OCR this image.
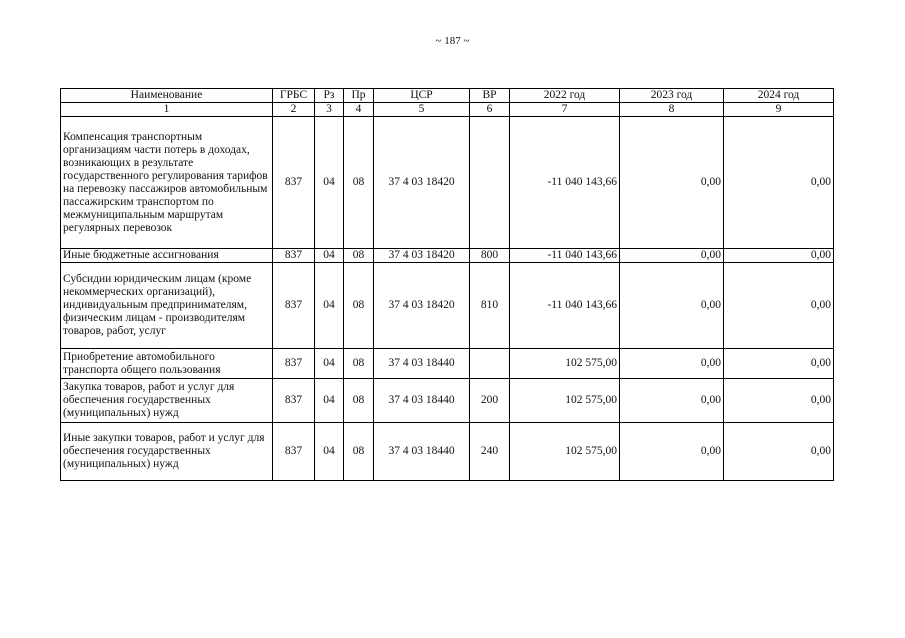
~ 187 ~
Наименование	ГРБС	Рз	Пр	ЦСР	ВР	2022 год	2023 год	2024 год
1	2	3	4	5	6	7	8	9
Компенсация транспортным организациям части потерь в доходах, возникающих в результате государственного регулирования тарифов на перевозку пассажиров автомобильным пассажирским транспортом по межмуниципальным маршрутам регулярных перевозок	837	04	08	37 4 03 18420		-11 040 143,66	0,00	0,00
Иные бюджетные ассигнования	837	04	08	37 4 03 18420	800	-11 040 143,66	0,00	0,00
Субсидии юридическим лицам (кроме некоммерческих организаций), индивидуальным предпринимателям, физическим лицам - производителям товаров, работ, услуг	837	04	08	37 4 03 18420	810	-11 040 143,66	0,00	0,00
Приобретение автомобильного транспорта общего пользования	837	04	08	37 4 03 18440		102 575,00	0,00	0,00
Закупка товаров, работ и услуг для обеспечения государственных (муниципальных) нужд	837	04	08	37 4 03 18440	200	102 575,00	0,00	0,00
Иные закупки товаров, работ и услуг для обеспечения государственных (муниципальных) нужд	837	04	08	37 4 03 18440	240	102 575,00	0,00	0,00
